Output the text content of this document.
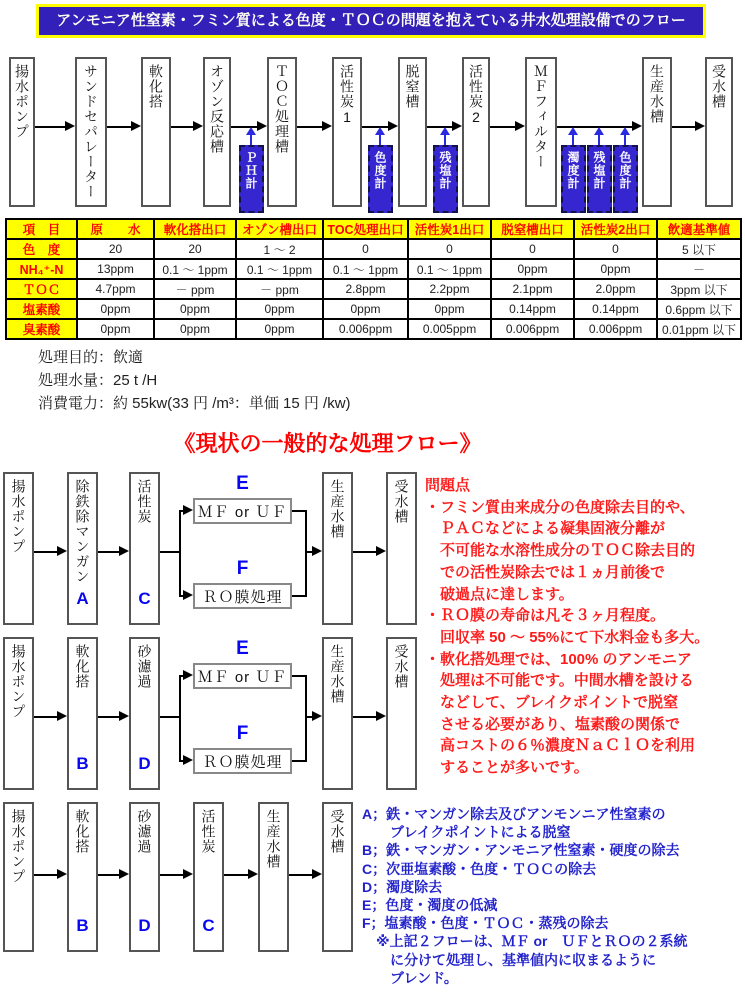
アンモニア性窒素・フミン質による色度・ＴＯＣの問題を抱えている井水処理設備でのフロー
揚水ポンプ	サンドセパレーター	軟化搭	オゾン反応槽	ＴＯＣ処理槽	活性炭1	脱窒槽	活性炭2	ＭＦフィルター	生産水槽	受水槽
ＰＨ計	色度計	残塩計	濁度計 残塩計 色度計
項　目	原　　水	軟化搭出口	オゾン槽出口	TOC処理出口	活性炭1出口	脱窒槽出口	活性炭2出口	飲適基準値
色　度	20	20	1 ～ 2	0	0	0	0	5 以下
NH₄⁺-N	13ppm	0.1 ～ 1ppm	0.1 ～ 1ppm	0.1 ～ 1ppm	0.1 ～ 1ppm	0ppm	0ppm	－
ＴＯＣ	4.7ppm	－ ppm	－ ppm	2.8ppm	2.2ppm	2.1ppm	2.0ppm	3ppm 以下
塩素酸	0ppm	0ppm	0ppm	0ppm	0ppm	0.14ppm	0.14ppm	0.6ppm 以下
臭素酸	0ppm	0ppm	0ppm	0.006ppm	0.005ppm	0.006ppm	0.006ppm	0.01ppm 以下
処理目的：飲適
処理水量：25 t /H
消費電力：約 55kw(33 円 /m³：単価 15 円 /kw)
《現状の一般的な処理フロー》
揚水ポンプ	除鉄除マンガン
A
活性炭
C
E
ＭＦ or ＵＦ
F
ＲＯ膜処理
生産水槽	受水槽
揚水ポンプ	軟化搭
B
砂濾過
D
E
ＭＦ or ＵＦ
F
ＲＯ膜処理
生産水槽	受水槽
揚水ポンプ	軟化搭
B
砂濾過
D
活性炭
C
生産水槽	受水槽
問題点
・フミン質由来成分の色度除去目的や、
　ＰＡＣなどによる凝集固液分離が
　不可能な水溶性成分のＴＯＣ除去目的
　での活性炭除去では１ヵ月前後で
　破過点に達します。
・ＲＯ膜の寿命は凡そ３ヶ月程度。
　回収率 50 ～ 55%にて下水料金も多大。
・軟化搭処理では、100% のアンモニア
　処理は不可能です。中間水槽を設ける
　などして、ブレイクポイントで脱窒
　させる必要があり、塩素酸の関係で
　高コストの６％濃度ＮａＣｌＯを利用
　することが多いです。
A；鉄・マンガン除去及びアンモンニア性窒素の
　　ブレイクポイントによる脱窒
B；鉄・マンガン・アンモニア性窒素・硬度の除去
C；次亜塩素酸・色度・ＴＯＣの除去
D；濁度除去
E；色度・濁度の低減
F；塩素酸・色度・ＴＯＣ・蒸残の除去
　※上記２フローは、ＭＦ or　ＵＦとＲＯの２系統
　　に分けて処理し、基準値内に収まるように
　　ブレンド。
